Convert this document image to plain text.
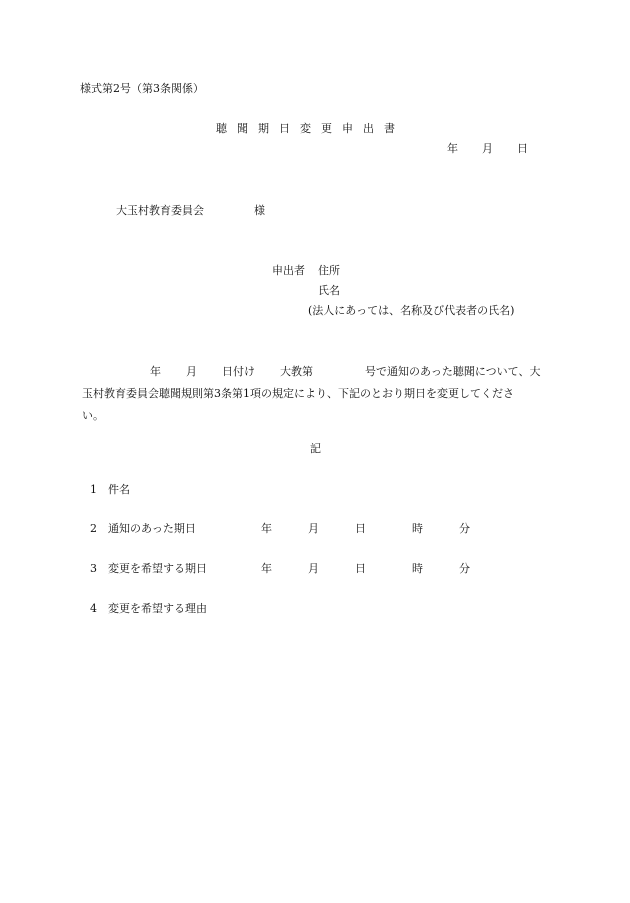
様式第2号（第3条関係）
聴 聞 期 日 変 更 申 出 書
年 月 日
大玉村教育委員会	様
申出者 住所
氏名
(法人にあっては、名称及び代表者の氏名)
年 月 日付け 大教第	号で通知のあった聴聞について、大
玉村教育委員会聴聞規則第3条第1項の規定により、下記のとおり期日を変更してくださ
い。
記
1 件名
2 通知のあった期日	年	月	日	時	分
3 変更を希望する期日	年	月	日	時	分
4 変更を希望する理由
